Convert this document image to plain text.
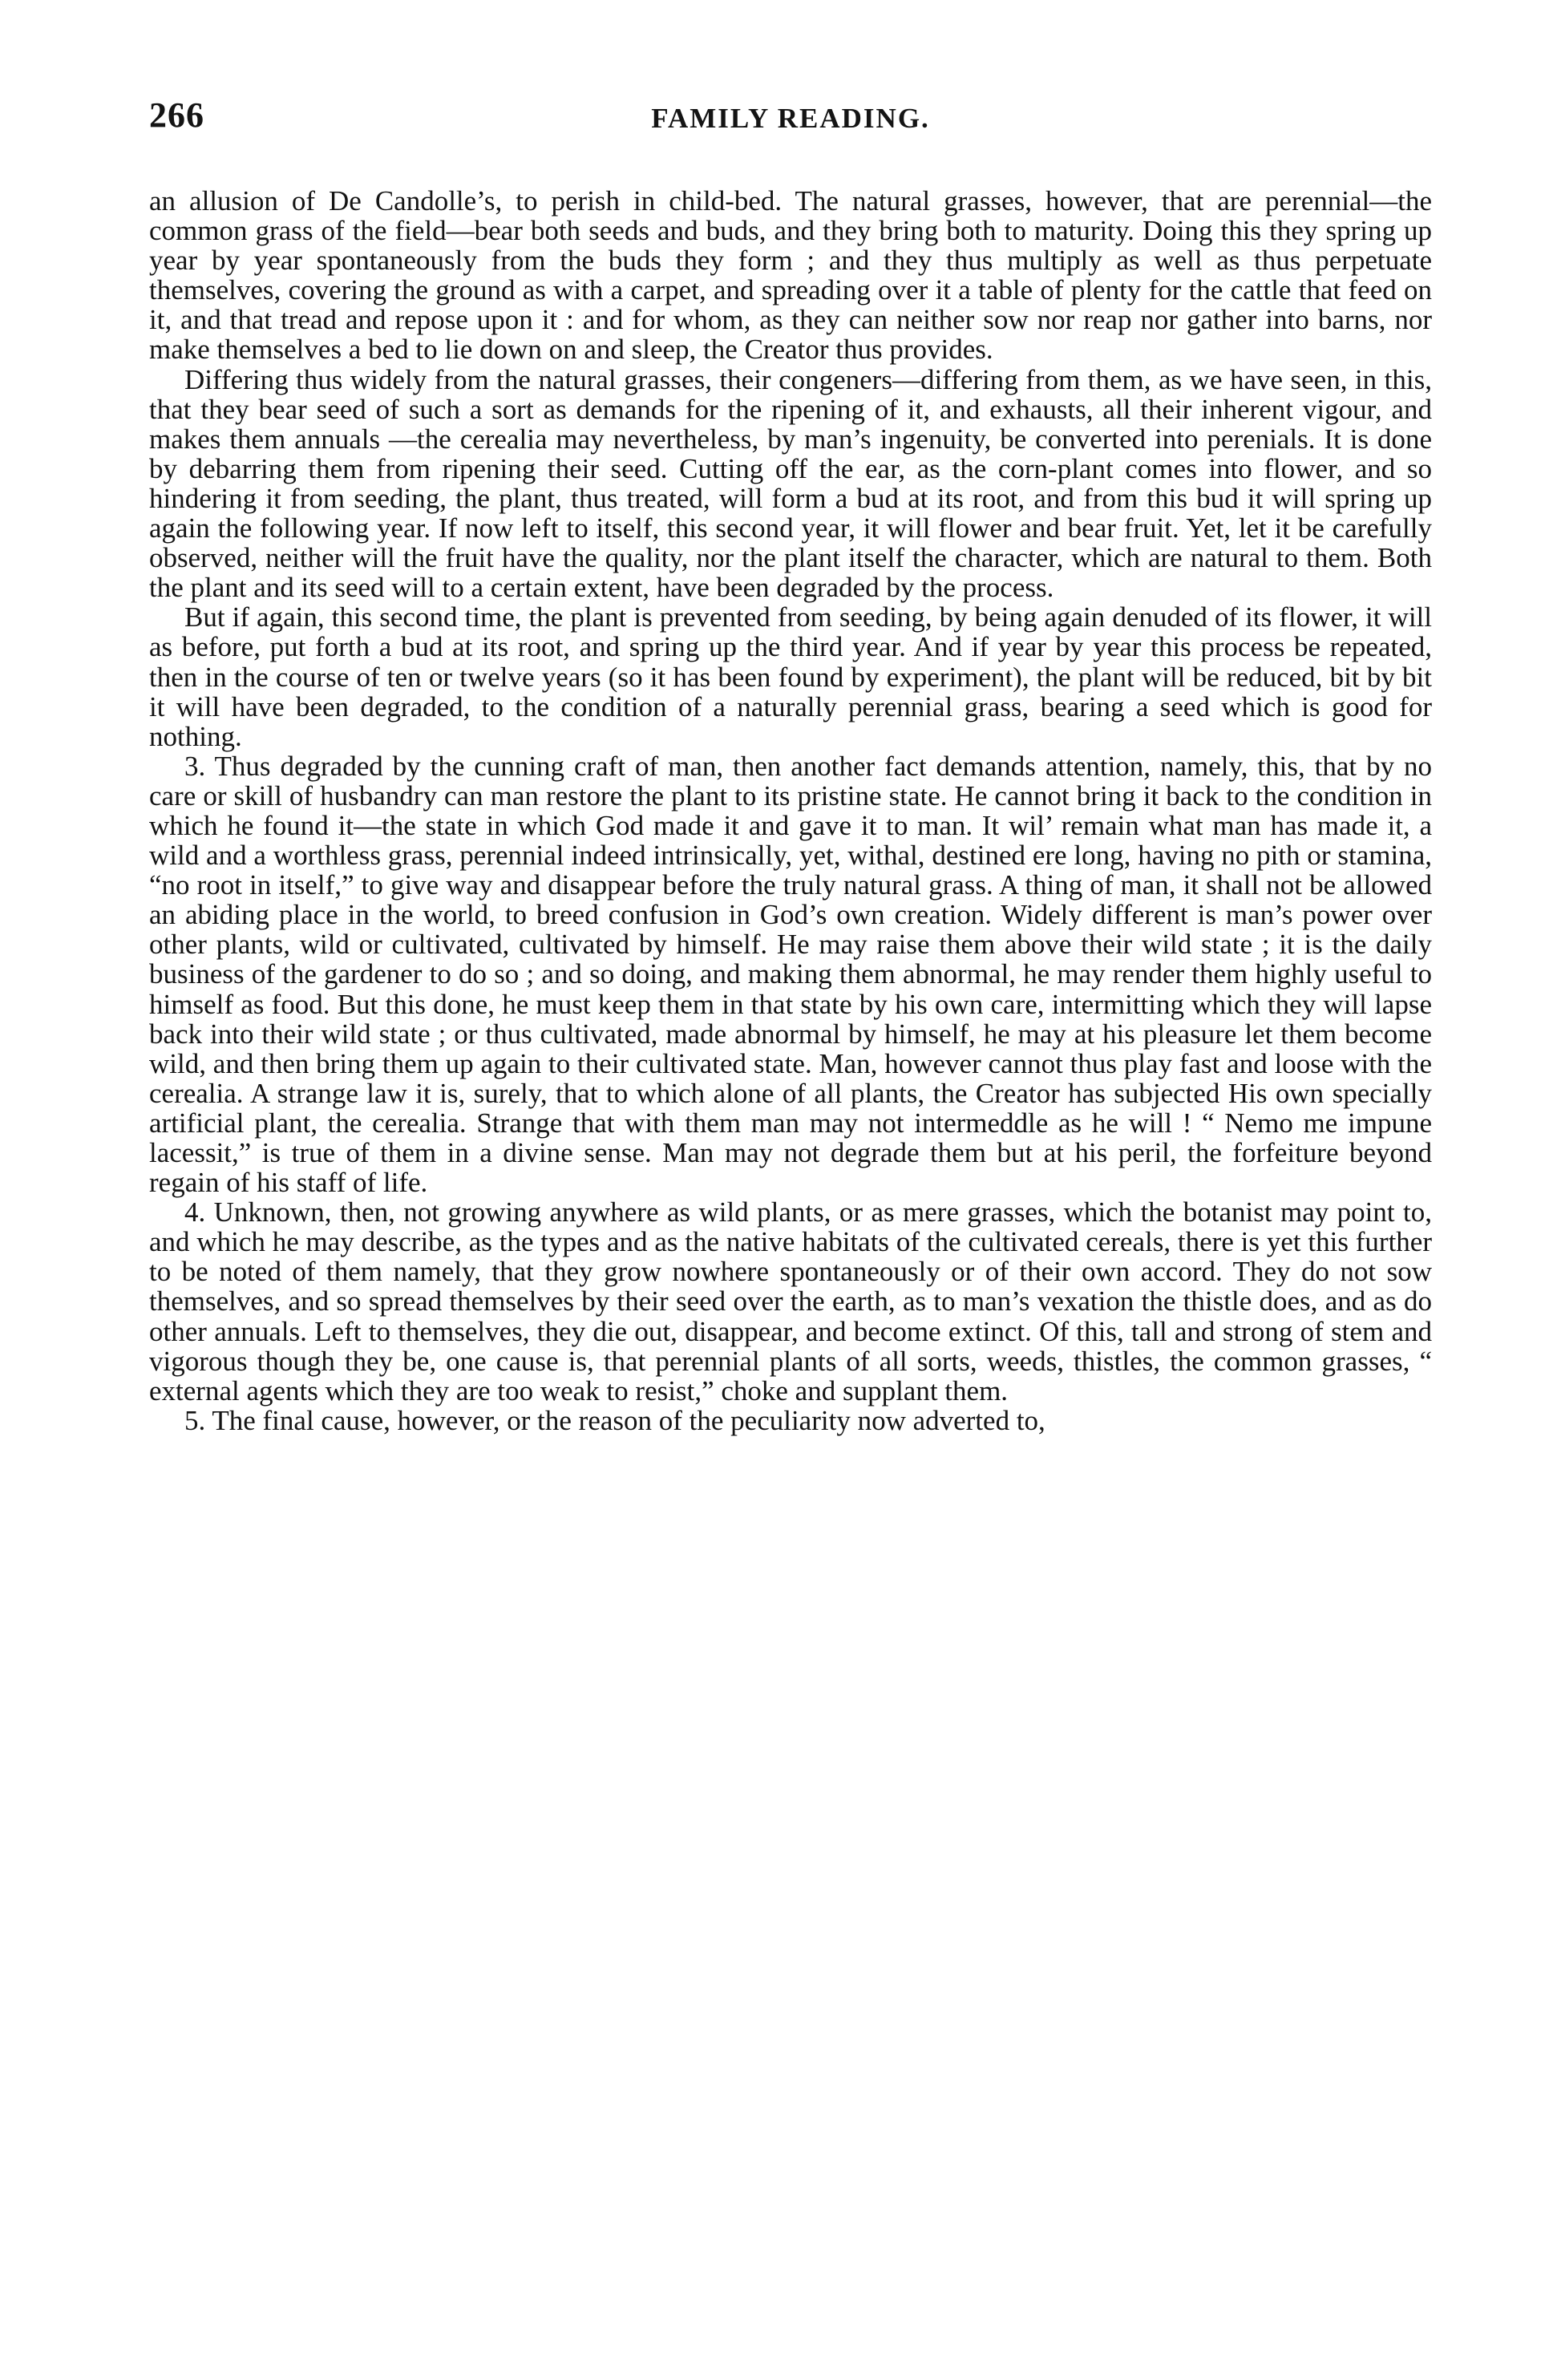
266	FAMILY READING.

an allusion of De Candolle’s, to perish in child-bed. The natural grasses, however, that are perennial—the common grass of the field—bear both seeds and buds, and they bring both to maturity. Doing this they spring up year by year spontaneously from the buds they form ; and they thus multiply as well as thus perpetuate themselves, covering the ground as with a carpet, and spreading over it a table of plenty for the cattle that feed on it, and that tread and repose upon it : and for whom, as they can neither sow nor reap nor gather into barns, nor make themselves a bed to lie down on and sleep, the Creator thus provides.

Differing thus widely from the natural grasses, their congeners—differing from them, as we have seen, in this, that they bear seed of such a sort as demands for the ripening of it, and exhausts, all their inherent vigour, and makes them annuals —the cerealia may nevertheless, by man’s ingenuity, be converted into perenials. It is done by debarring them from ripening their seed. Cutting off the ear, as the corn-plant comes into flower, and so hindering it from seeding, the plant, thus treated, will form a bud at its root, and from this bud it will spring up again the following year. If now left to itself, this second year, it will flower and bear fruit. Yet, let it be carefully observed, neither will the fruit have the quality, nor the plant itself the character, which are natural to them. Both the plant and its seed will to a certain extent, have been degraded by the process.

But if again, this second time, the plant is prevented from seeding, by being again denuded of its flower, it will as before, put forth a bud at its root, and spring up the third year. And if year by year this process be repeated, then in the course of ten or twelve years (so it has been found by experiment), the plant will be reduced, bit by bit it will have been degraded, to the condition of a naturally perennial grass, bearing a seed which is good for nothing.

3. Thus degraded by the cunning craft of man, then another fact demands attention, namely, this, that by no care or skill of husbandry can man restore the plant to its pristine state. He cannot bring it back to the condition in which he found it—the state in which God made it and gave it to man. It wil’ remain what man has made it, a wild and a worthless grass, perennial indeed intrinsically, yet, withal, destined ere long, having no pith or stamina, “no root in itself,” to give way and disappear before the truly natural grass. A thing of man, it shall not be allowed an abiding place in the world, to breed confusion in God’s own creation. Widely different is man’s power over other plants, wild or cultivated, cultivated by himself. He may raise them above their wild state ; it is the daily business of the gardener to do so ; and so doing, and making them abnormal, he may render them highly useful to himself as food. But this done, he must keep them in that state by his own care, intermitting which they will lapse back into their wild state ; or thus cultivated, made abnormal by himself, he may at his pleasure let them become wild, and then bring them up again to their cultivated state. Man, however cannot thus play fast and loose with the cerealia. A strange law it is, surely, that to which alone of all plants, the Creator has subjected His own specially artificial plant, the cerealia. Strange that with them man may not intermeddle as he will ! “ Nemo me impune lacessit,” is true of them in a divine sense. Man may not degrade them but at his peril, the forfeiture beyond regain of his staff of life.

4. Unknown, then, not growing anywhere as wild plants, or as mere grasses, which the botanist may point to, and which he may describe, as the types and as the native habitats of the cultivated cereals, there is yet this further to be noted of them namely, that they grow nowhere spontaneously or of their own accord. They do not sow themselves, and so spread themselves by their seed over the earth, as to man’s vexation the thistle does, and as do other annuals. Left to themselves, they die out, disappear, and become extinct. Of this, tall and strong of stem and vigorous though they be, one cause is, that perennial plants of all sorts, weeds, thistles, the common grasses, “ external agents which they are too weak to resist,” choke and supplant them.

5. The final cause, however, or the reason of the peculiarity now adverted to,
